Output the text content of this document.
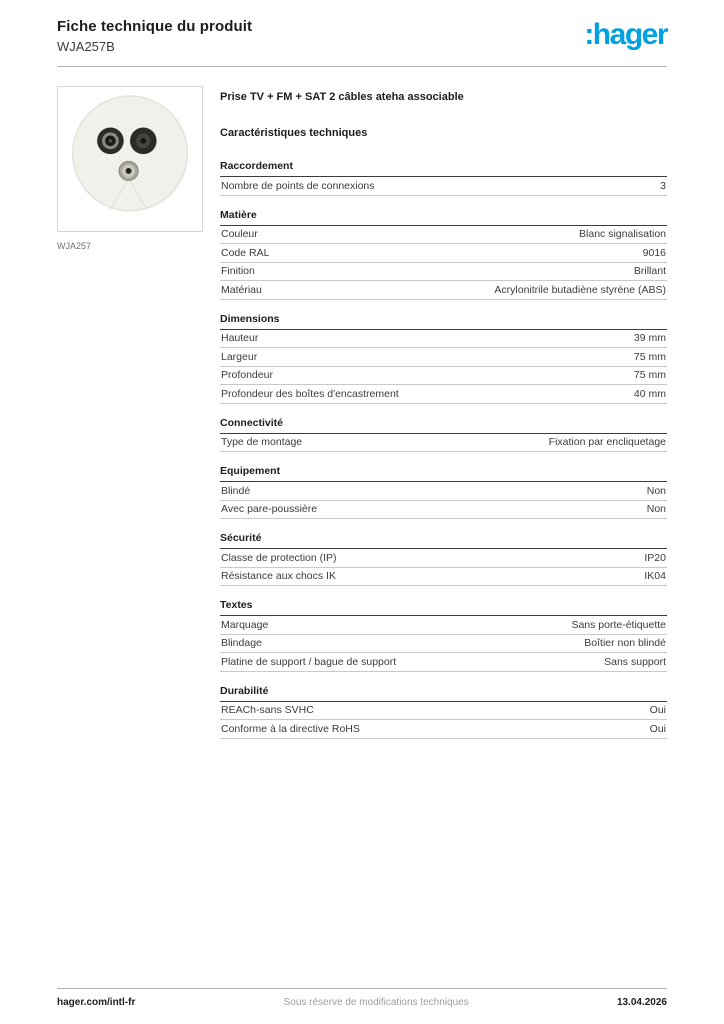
Fiche technique du produit
WJA257B	:hager
WJA257
Prise TV + FM + SAT 2 câbles ateha associable
Caractéristiques techniques
Raccordement
Nombre de points de connexions	3
Matière
Couleur	Blanc signalisation
Code RAL	9016
Finition	Brillant
Matériau	Acrylonitrile butadiène styrène (ABS)
Dimensions
Hauteur	39 mm
Largeur	75 mm
Profondeur	75 mm
Profondeur des boîtes d'encastrement	40 mm
Connectivité
Type de montage	Fixation par encliquetage
Equipement
Blindé	Non
Avec pare-poussière	Non
Sécurité
Classe de protection (IP)	IP20
Résistance aux chocs IK	IK04
Textes
Marquage	Sans porte-étiquette
Blindage	Boîtier non blindé
Platine de support / bague de support	Sans support
Durabilité
REACh-sans SVHC	Oui
Conforme à la directive RoHS	Oui
hager.com/intl-fr	Sous réserve de modifications techniques	13.04.2026
